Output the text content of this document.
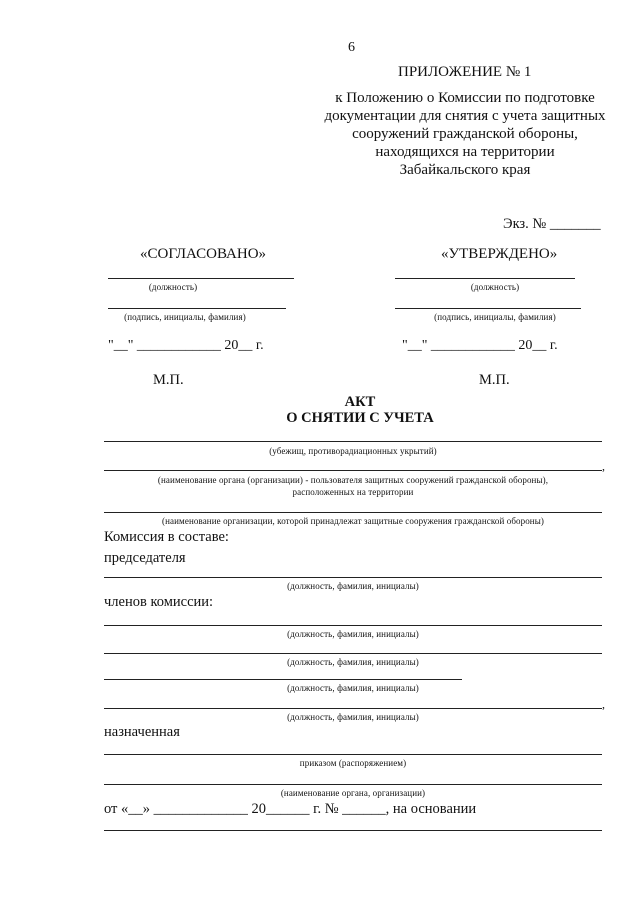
6
ПРИЛОЖЕНИЕ № 1
к Положению о Комиссии по подготовке
документации для снятия с учета защитных
сооружений гражданской обороны,
находящихся на территории
Забайкальского края
Экз. № _______
«СОГЛАСОВАНО»
(должность)
(подпись, инициалы, фамилия)
"__" ____________ 20__ г.
М.П.
«УТВЕРЖДЕНО»
(должность)
(подпись, инициалы, фамилия)
"__" ____________ 20__ г.
М.П.
АКТ
О СНЯТИИ С УЧЕТА
(убежищ, противорадиационных укрытий)
,
(наименование органа (организации) - пользователя защитных сооружений гражданской обороны),
расположенных на территории
(наименование организации, которой принадлежат защитные сооружения гражданской обороны)
Комиссия в составе:
председателя
(должность, фамилия, инициалы)
членов комиссии:
(должность, фамилия, инициалы)
(должность, фамилия, инициалы)
(должность, фамилия, инициалы)
,
(должность, фамилия, инициалы)
назначенная
приказом (распоряжением)
(наименование органа, организации)
от «__» _____________ 20______ г. № ______, на основании
